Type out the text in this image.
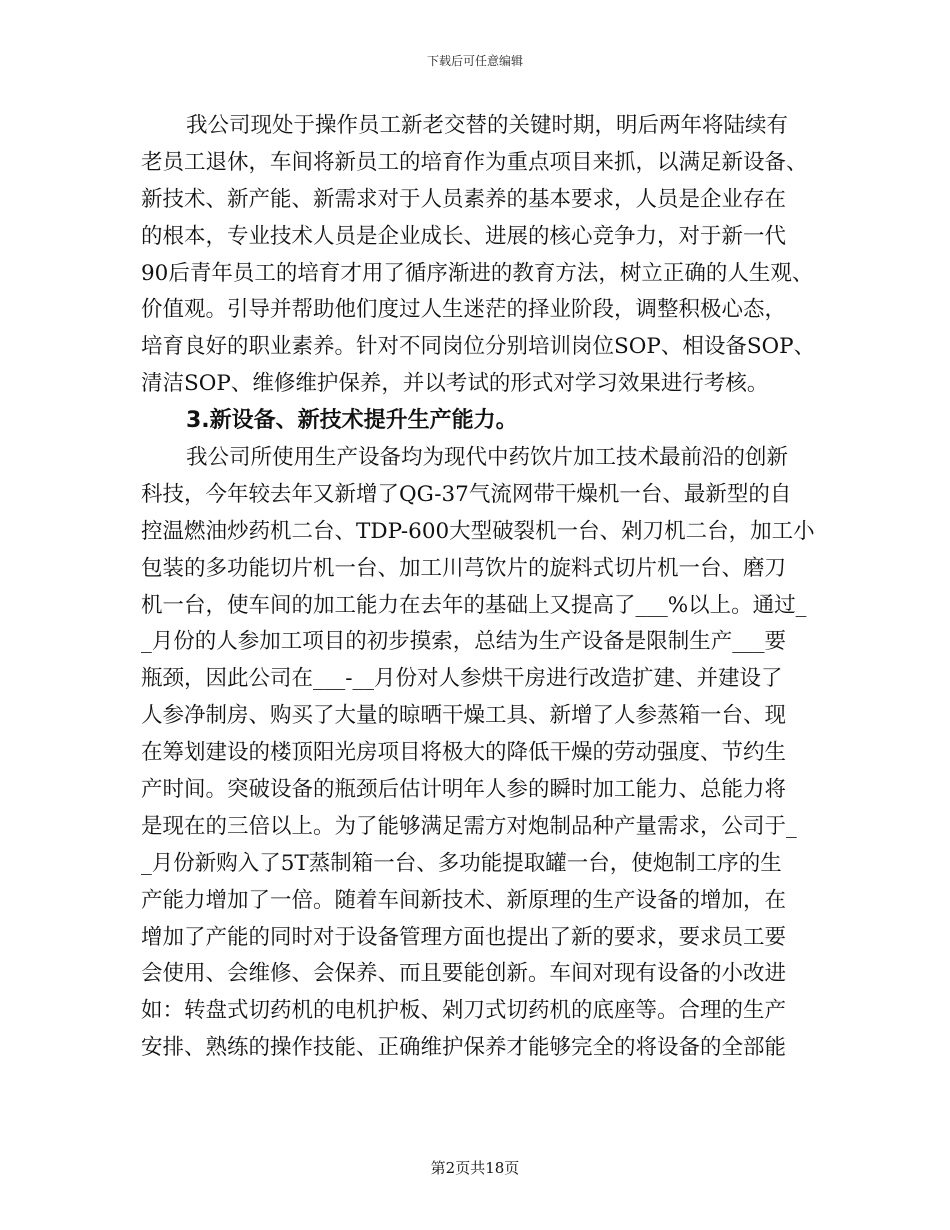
下载后可任意编辑
我公司现处于操作员工新老交替的关键时期，明后两年将陆续有
老员工退休，车间将新员工的培育作为重点项目来抓，以满足新设备、
新技术、新产能、新需求对于人员素养的基本要求，人员是企业存在
的根本，专业技术人员是企业成长、进展的核心竞争力，对于新一代
90后青年员工的培育才用了循序渐进的教育方法，树立正确的人生观、
价值观。引导并帮助他们度过人生迷茫的择业阶段，调整积极心态，
培育良好的职业素养。针对不同岗位分别培训岗位SOP、相设备SOP、
清洁SOP、维修维护保养，并以考试的形式对学习效果进行考核。
3.新设备、新技术提升生产能力。
我公司所使用生产设备均为现代中药饮片加工技术最前沿的创新
科技，今年较去年又新增了QG-37气流网带干燥机一台、最新型的自
控温燃油炒药机二台、TDP-600大型破裂机一台、剁刀机二台，加工小
包装的多功能切片机一台、加工川芎饮片的旋料式切片机一台、磨刀
机一台，使车间的加工能力在去年的基础上又提高了___%以上。通过_
_月份的人参加工项目的初步摸索，总结为生产设备是限制生产___要
瓶颈，因此公司在___-__月份对人参烘干房进行改造扩建、并建设了
人参净制房、购买了大量的晾晒干燥工具、新增了人参蒸箱一台、现
在筹划建设的楼顶阳光房项目将极大的降低干燥的劳动强度、节约生
产时间。突破设备的瓶颈后估计明年人参的瞬时加工能力、总能力将
是现在的三倍以上。为了能够满足需方对炮制品种产量需求，公司于_
_月份新购入了5T蒸制箱一台、多功能提取罐一台，使炮制工序的生
产能力增加了一倍。随着车间新技术、新原理的生产设备的增加，在
增加了产能的同时对于设备管理方面也提出了新的要求，要求员工要
会使用、会维修、会保养、而且要能创新。车间对现有设备的小改进
如：转盘式切药机的电机护板、剁刀式切药机的底座等。合理的生产
安排、熟练的操作技能、正确维护保养才能够完全的将设备的全部能
第2页共18页
